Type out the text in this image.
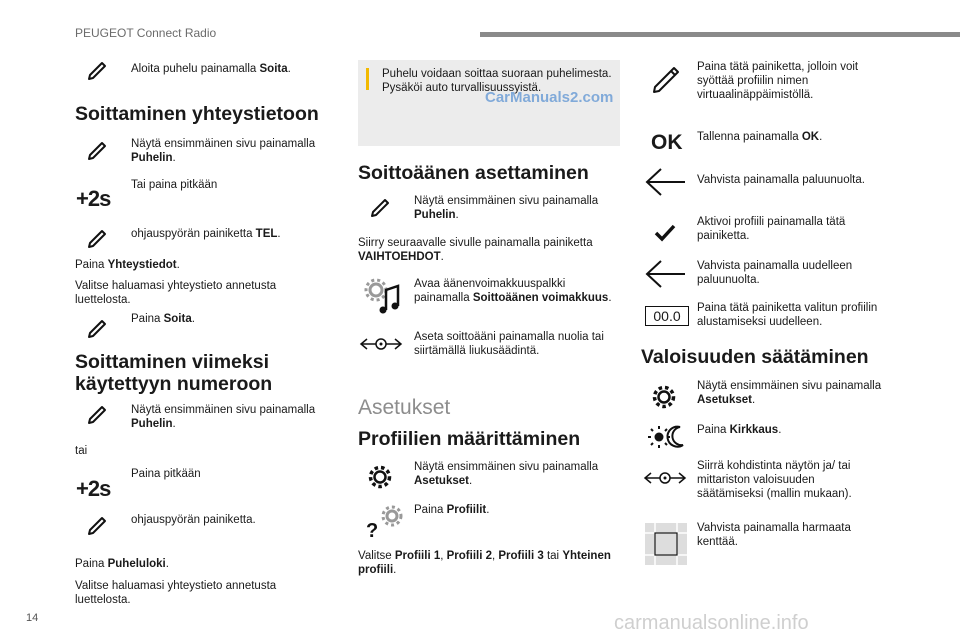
PEUGEOT Connect Radio
Aloita puhelu painamalla Soita.
Soittaminen yhteystietoon
Näytä ensimmäinen sivu painamalla Puhelin.
+2s
Tai paina pitkään
ohjauspyörän painiketta TEL.
Paina Yhteystiedot.
Valitse haluamasi yhteystieto annetusta luettelosta.
Paina Soita.
Soittaminen viimeksi
käytettyyn numeroon
Näytä ensimmäinen sivu painamalla Puhelin.
tai
+2s
Paina pitkään
ohjauspyörän painiketta.
Paina Puheluloki.
Valitse haluamasi yhteystieto annetusta luettelosta.
Puhelu voidaan soittaa suoraan puhelimesta. Pysäköi auto turvallisuussyistä.
CarManuals2.com
Soittoäänen asettaminen
Näytä ensimmäinen sivu painamalla Puhelin.
Siirry seuraavalle sivulle painamalla painiketta VAIHTOEHDOT.
Avaa äänenvoimakkuuspalkki painamalla Soittoäänen voimakkuus.
Aseta soittoääni painamalla nuolia tai siirtämällä liukusäädintä.
Asetukset
Profiilien määrittäminen
Näytä ensimmäinen sivu painamalla Asetukset.
?
Paina Profiilit.
Valitse Profiili 1, Profiili 2, Profiili 3 tai Yhteinen profiili.
Paina tätä painiketta, jolloin voit syöttää profiilin nimen virtuaalinäppäimistöllä.
OK Tallenna painamalla OK.
Vahvista painamalla paluunuolta.
Aktivoi profiili painamalla tätä painiketta.
Vahvista painamalla uudelleen paluunuolta.
00.0	Paina tätä painiketta valitun profiilin alustamiseksi uudelleen.
Valoisuuden säätäminen
Näytä ensimmäinen sivu painamalla Asetukset.
Paina Kirkkaus.
Siirrä kohdistinta näytön ja/ tai mittariston valoisuuden säätämiseksi (mallin mukaan).
Vahvista painamalla harmaata kenttää.
14	carmanualsonline.info
